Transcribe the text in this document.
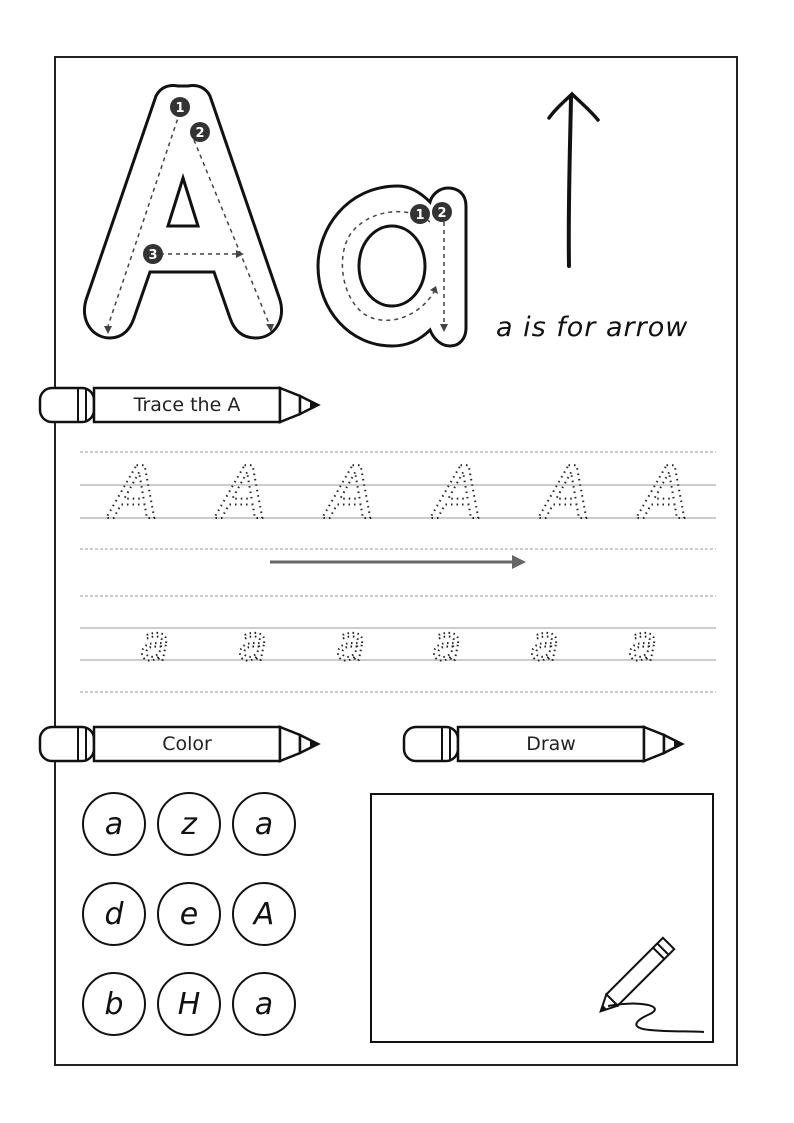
1
2
3
1 2
A A A A A A
a a a a a a
a is for arrow
Trace the A
Color	Draw
a	z	a
d	e	A
b	H	a
